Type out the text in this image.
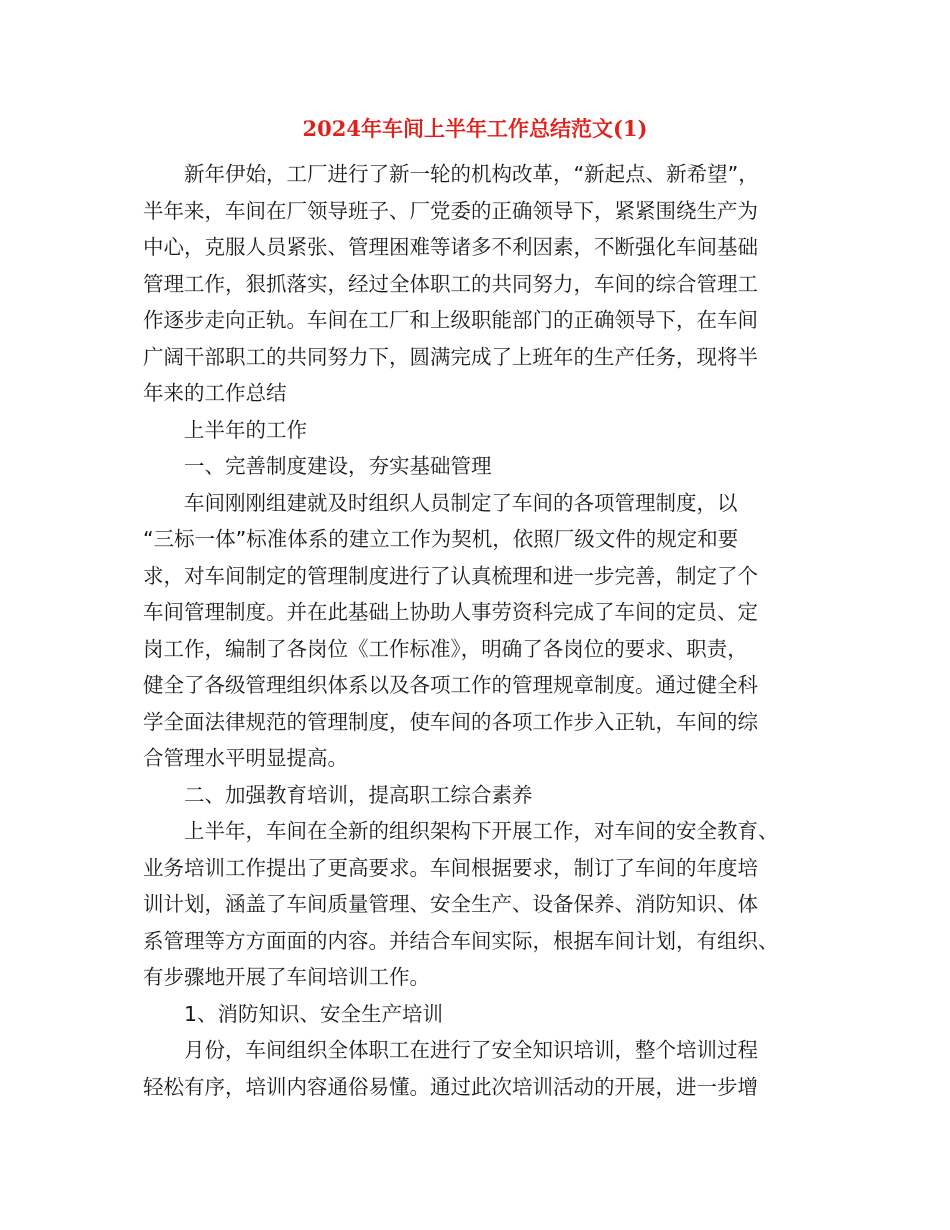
2024年车间上半年工作总结范文(1)
新年伊始，工厂进行了新一轮的机构改革，“新起点、新希望”，
半年来，车间在厂领导班子、厂党委的正确领导下，紧紧围绕生产为
中心，克服人员紧张、管理困难等诸多不利因素，不断强化车间基础
管理工作，狠抓落实，经过全体职工的共同努力，车间的综合管理工
作逐步走向正轨。车间在工厂和上级职能部门的正确领导下，在车间
广阔干部职工的共同努力下，圆满完成了上班年的生产任务，现将半
年来的工作总结
上半年的工作
一、完善制度建设，夯实基础管理
车间刚刚组建就及时组织人员制定了车间的各项管理制度，以
“三标一体”标准体系的建立工作为契机，依照厂级文件的规定和要
求，对车间制定的管理制度进行了认真梳理和进一步完善，制定了个
车间管理制度。并在此基础上协助人事劳资科完成了车间的定员、定
岗工作，编制了各岗位《工作标准》，明确了各岗位的要求、职责，
健全了各级管理组织体系以及各项工作的管理规章制度。通过健全科
学全面法律规范的管理制度，使车间的各项工作步入正轨，车间的综
合管理水平明显提高。
二、加强教育培训，提高职工综合素养
上半年，车间在全新的组织架构下开展工作，对车间的安全教育、
业务培训工作提出了更高要求。车间根据要求，制订了车间的年度培
训计划，涵盖了车间质量管理、安全生产、设备保养、消防知识、体
系管理等方方面面的内容。并结合车间实际，根据车间计划，有组织、
有步骤地开展了车间培训工作。
1、消防知识、安全生产培训
月份，车间组织全体职工在进行了安全知识培训，整个培训过程
轻松有序，培训内容通俗易懂。通过此次培训活动的开展，进一步增
